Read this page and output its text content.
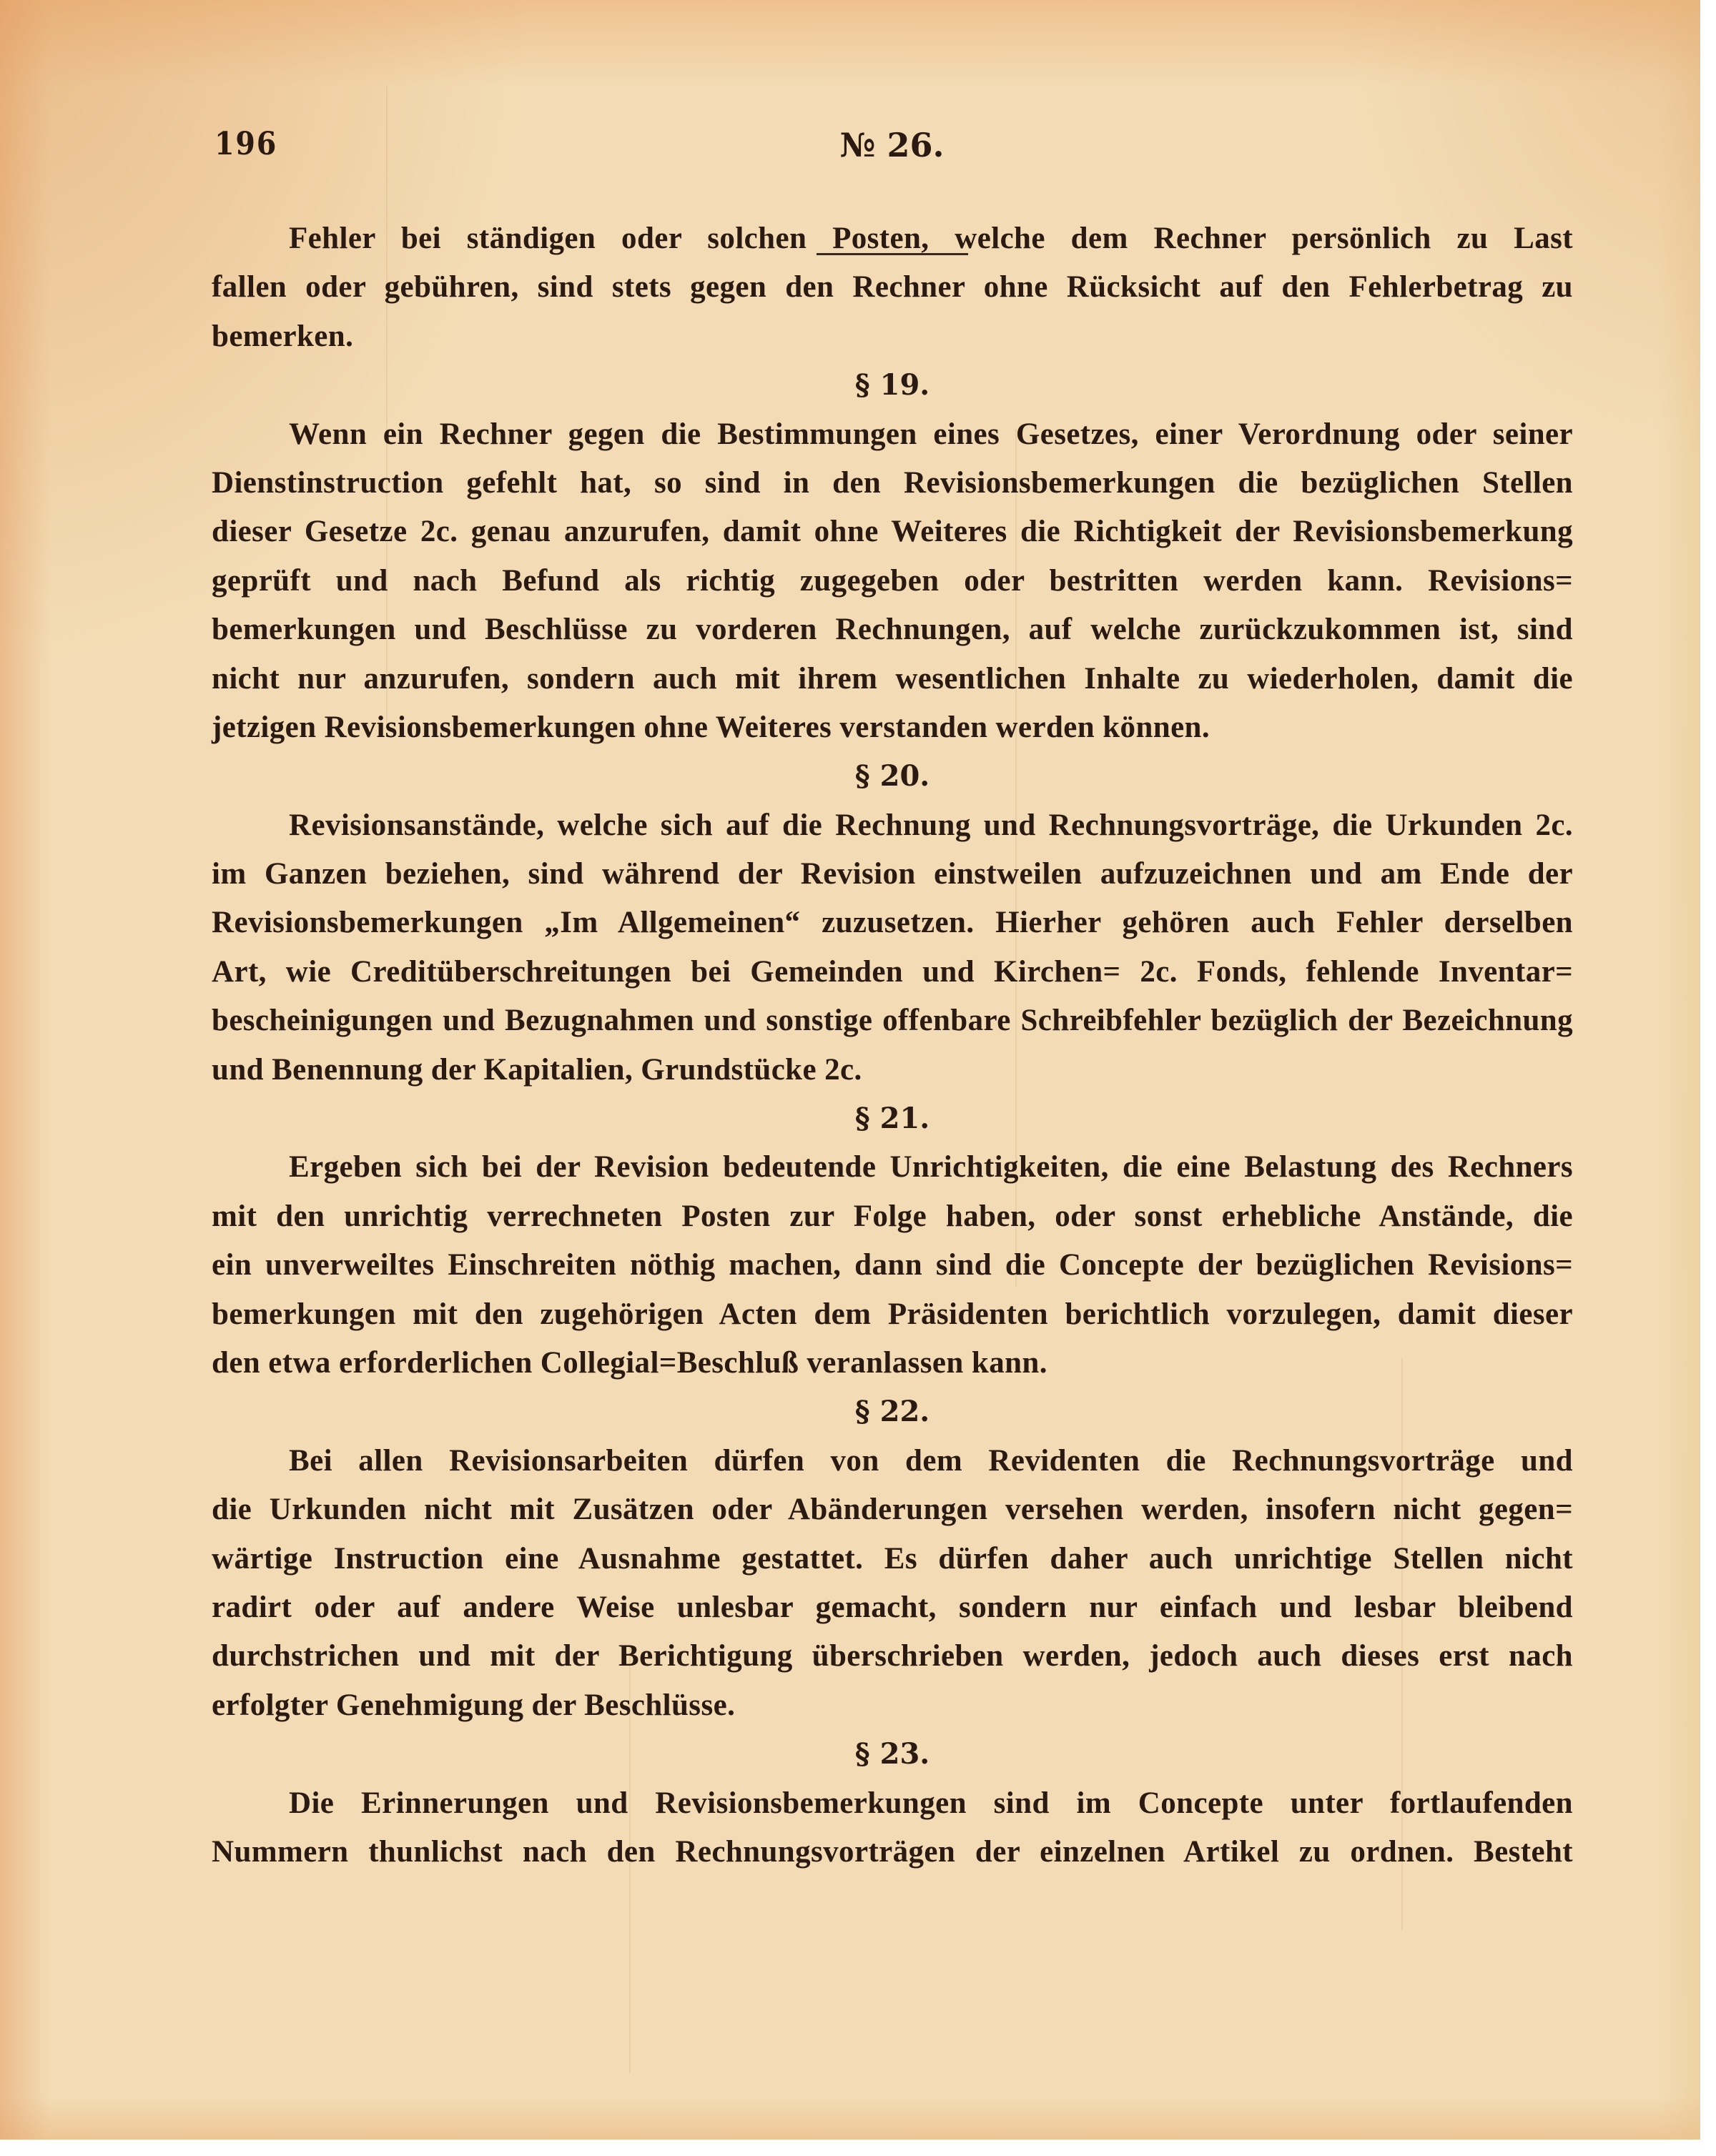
196	№ 26.
Fehler bei ständigen oder solchen Posten, welche dem Rechner persönlich zu Last
fallen oder gebühren, sind stets gegen den Rechner ohne Rücksicht auf den Fehlerbetrag zu
bemerken.
§ 19.
Wenn ein Rechner gegen die Bestimmungen eines Gesetzes, einer Verordnung oder seiner
Dienstinstruction gefehlt hat, so sind in den Revisionsbemerkungen die bezüglichen Stellen
dieser Gesetze 2c. genau anzurufen, damit ohne Weiteres die Richtigkeit der Revisionsbemerkung
geprüft und nach Befund als richtig zugegeben oder bestritten werden kann. Revisions=
bemerkungen und Beschlüsse zu vorderen Rechnungen, auf welche zurückzukommen ist, sind
nicht nur anzurufen, sondern auch mit ihrem wesentlichen Inhalte zu wiederholen, damit die
jetzigen Revisionsbemerkungen ohne Weiteres verstanden werden können.
§ 20.
Revisionsanstände, welche sich auf die Rechnung und Rechnungsvorträge, die Urkunden 2c.
im Ganzen beziehen, sind während der Revision einstweilen aufzuzeichnen und am Ende der
Revisionsbemerkungen „Im Allgemeinen“ zuzusetzen. Hierher gehören auch Fehler derselben
Art, wie Creditüberschreitungen bei Gemeinden und Kirchen= 2c. Fonds, fehlende Inventar=
bescheinigungen und Bezugnahmen und sonstige offenbare Schreibfehler bezüglich der Bezeichnung
und Benennung der Kapitalien, Grundstücke 2c.
§ 21.
Ergeben sich bei der Revision bedeutende Unrichtigkeiten, die eine Belastung des Rechners
mit den unrichtig verrechneten Posten zur Folge haben, oder sonst erhebliche Anstände, die
ein unverweiltes Einschreiten nöthig machen, dann sind die Concepte der bezüglichen Revisions=
bemerkungen mit den zugehörigen Acten dem Präsidenten berichtlich vorzulegen, damit dieser
den etwa erforderlichen Collegial=Beschluß veranlassen kann.
§ 22.
Bei allen Revisionsarbeiten dürfen von dem Revidenten die Rechnungsvorträge und
die Urkunden nicht mit Zusätzen oder Abänderungen versehen werden, insofern nicht gegen=
wärtige Instruction eine Ausnahme gestattet. Es dürfen daher auch unrichtige Stellen nicht
radirt oder auf andere Weise unlesbar gemacht, sondern nur einfach und lesbar bleibend
durchstrichen und mit der Berichtigung überschrieben werden, jedoch auch dieses erst nach
erfolgter Genehmigung der Beschlüsse.
§ 23.
Die Erinnerungen und Revisionsbemerkungen sind im Concepte unter fortlaufenden
Nummern thunlichst nach den Rechnungsvorträgen der einzelnen Artikel zu ordnen. Besteht
